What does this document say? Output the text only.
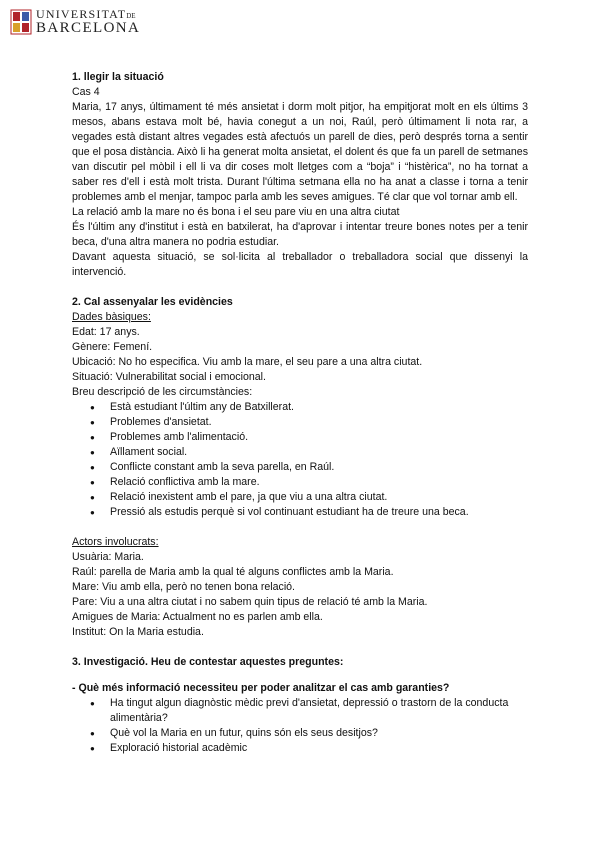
UNIVERSITATDE
BARCELONA

1. llegir la situació

Cas 4

Maria, 17 anys, últimament té més ansietat i dorm molt pitjor, ha empitjorat molt en els últims 3 mesos, abans estava molt bé, havia conegut a un noi, Raúl, però últimament li nota rar, a vegades està distant altres vegades està afectuós un parell de dies, però després torna a sentir que el posa distància. Això li ha generat molta ansietat, el dolent és que fa un parell de setmanes van discutir pel mòbil i ell li va dir coses molt lletges com a “boja” i “histèrica”, no ha tornat a saber res d'ell i està molt trista. Durant l'última setmana ella no ha anat a classe i torna a tenir problemes amb el menjar, tampoc parla amb les seves amigues. Té clar que vol tornar amb ell.

La relació amb la mare no és bona i el seu pare viu en una altra ciutat

És l'últim any d'institut i està en batxilerat, ha d'aprovar i intentar treure bones notes per a tenir beca, d'una altra manera no podria estudiar.

Davant aquesta situació, se sol·licita al treballador o treballadora social que dissenyi la intervenció.

2. Cal assenyalar les evidències

Dades bàsiques:

Edat: 17 anys.

Gènere: Femení.

Ubicació: No ho especifica. Viu amb la mare, el seu pare a una altra ciutat.

Situació: Vulnerabilitat social i emocional.

Breu descripció de les circumstàncies:

● Està estudiant l'últim any de Batxillerat.
● Problemes d'ansietat.
● Problemes amb l'alimentació.
● Aïllament social.
● Conflicte constant amb la seva parella, en Raúl.
● Relació conflictiva amb la mare.
● Relació inexistent amb el pare, ja que viu a una altra ciutat.
● Pressió als estudis perquè si vol continuant estudiant ha de treure una beca.

Actors involucrats:

Usuària: Maria.

Raúl: parella de Maria amb la qual té alguns conflictes amb la Maria.

Mare: Viu amb ella, però no tenen bona relació.

Pare: Viu a una altra ciutat i no sabem quin tipus de relació té amb la Maria.

Amigues de Maria: Actualment no es parlen amb ella.

Institut: On la Maria estudia.

3. Investigació. Heu de contestar aquestes preguntes:

- Què més informació necessiteu per poder analitzar el cas amb garanties?

● Ha tingut algun diagnòstic mèdic previ d'ansietat, depressió o trastorn de la conducta alimentària?
● Què vol la Maria en un futur, quins són els seus desitjos?
● Exploració historial acadèmic
